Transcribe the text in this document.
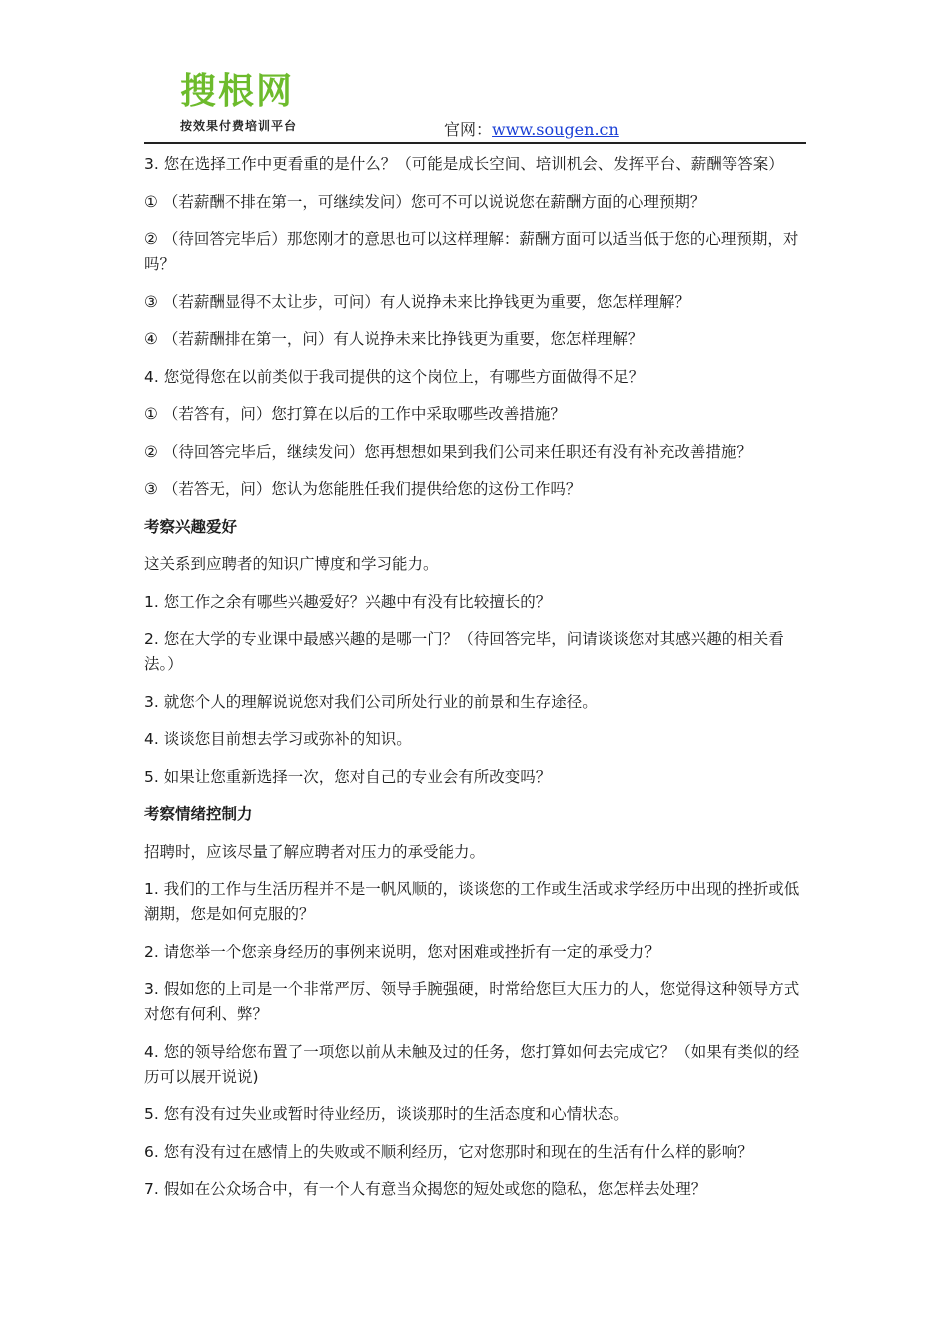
搜根网
按效果付费培训平台	官网：www.sougen.cn

3. 您在选择工作中更看重的是什么？（可能是成长空间、培训机会、发挥平台、薪酬等答案）

① （若薪酬不排在第一，可继续发问）您可不可以说说您在薪酬方面的心理预期？

② （待回答完毕后）那您刚才的意思也可以这样理解：薪酬方面可以适当低于您的心理预期，对吗？

③ （若薪酬显得不太让步，可问）有人说挣未来比挣钱更为重要，您怎样理解？

④ （若薪酬排在第一，问）有人说挣未来比挣钱更为重要，您怎样理解？

4. 您觉得您在以前类似于我司提供的这个岗位上，有哪些方面做得不足？

① （若答有，问）您打算在以后的工作中采取哪些改善措施？

② （待回答完毕后，继续发问）您再想想如果到我们公司来任职还有没有补充改善措施？

③ （若答无，问）您认为您能胜任我们提供给您的这份工作吗？

考察兴趣爱好

这关系到应聘者的知识广博度和学习能力。

1. 您工作之余有哪些兴趣爱好？兴趣中有没有比较擅长的？

2. 您在大学的专业课中最感兴趣的是哪一门？（待回答完毕，问请谈谈您对其感兴趣的相关看法。）

3. 就您个人的理解说说您对我们公司所处行业的前景和生存途径。

4. 谈谈您目前想去学习或弥补的知识。

5. 如果让您重新选择一次，您对自己的专业会有所改变吗？

考察情绪控制力

招聘时，应该尽量了解应聘者对压力的承受能力。

1. 我们的工作与生活历程并不是一帆风顺的，谈谈您的工作或生活或求学经历中出现的挫折或低潮期，您是如何克服的？

2. 请您举一个您亲身经历的事例来说明，您对困难或挫折有一定的承受力？

3. 假如您的上司是一个非常严厉、领导手腕强硬，时常给您巨大压力的人，您觉得这种领导方式对您有何利、弊？

4. 您的领导给您布置了一项您以前从未触及过的任务，您打算如何去完成它？（如果有类似的经历可以展开说说)

5. 您有没有过失业或暂时待业经历，谈谈那时的生活态度和心情状态。

6. 您有没有过在感情上的失败或不顺利经历，它对您那时和现在的生活有什么样的影响？

7. 假如在公众场合中，有一个人有意当众揭您的短处或您的隐私，您怎样去处理？
